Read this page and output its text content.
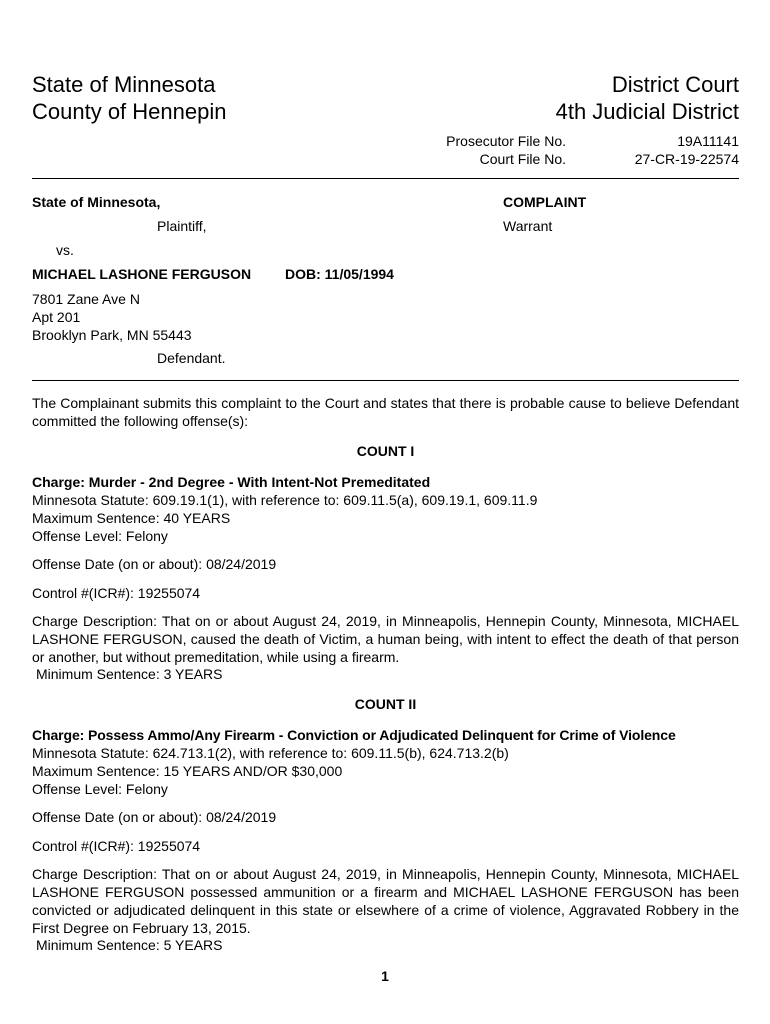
State of Minnesota
County of Hennepin
District Court
4th Judicial District
Prosecutor File No.
Court File No.
19A11141
27-CR-19-22574
State of Minnesota,
Plaintiff,
COMPLAINT
Warrant
vs.
MICHAEL LASHONE FERGUSON DOB: 11/05/1994
7801 Zane Ave N
Apt 201
Brooklyn Park, MN 55443
Defendant.
The Complainant submits this complaint to the Court and states that there is probable cause to believe Defendant committed the following offense(s):
COUNT I
Charge: Murder - 2nd Degree - With Intent-Not Premeditated
Minnesota Statute: 609.19.1(1), with reference to: 609.11.5(a), 609.19.1, 609.11.9
Maximum Sentence: 40 YEARS
Offense Level: Felony
Offense Date (on or about): 08/24/2019
Control #(ICR#): 19255074
Charge Description: That on or about August 24, 2019, in Minneapolis, Hennepin County, Minnesota, MICHAEL LASHONE FERGUSON, caused the death of Victim, a human being, with intent to effect the death of that person or another, but without premeditation, while using a firearm.
Minimum Sentence: 3 YEARS
COUNT II
Charge: Possess Ammo/Any Firearm - Conviction or Adjudicated Delinquent for Crime of Violence
Minnesota Statute: 624.713.1(2), with reference to: 609.11.5(b), 624.713.2(b)
Maximum Sentence: 15 YEARS AND/OR $30,000
Offense Level: Felony
Offense Date (on or about): 08/24/2019
Control #(ICR#): 19255074
Charge Description: That on or about August 24, 2019, in Minneapolis, Hennepin County, Minnesota, MICHAEL LASHONE FERGUSON possessed ammunition or a firearm and MICHAEL LASHONE FERGUSON has been convicted or adjudicated delinquent in this state or elsewhere of a crime of violence, Aggravated Robbery in the First Degree on February 13, 2015.
Minimum Sentence: 5 YEARS
1
